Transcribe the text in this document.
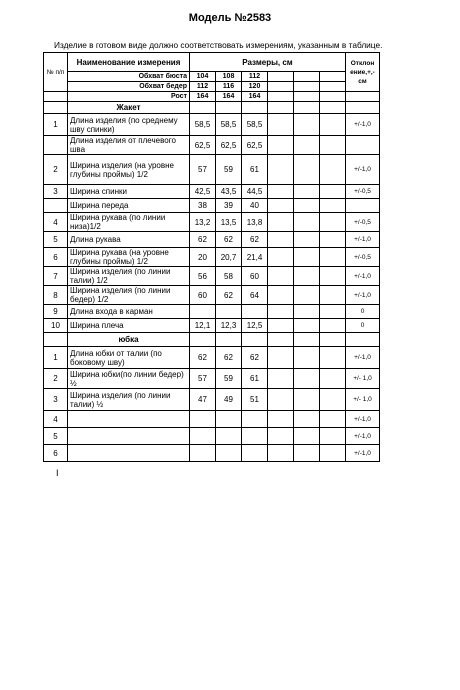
Модель №2583
Изделие в готовом виде должно соответствовать измерениям, указанным в таблице.
№ п/п	Наименование измерения	Размеры, см						Отклон ение,+,- см

	Обхват бюста	104	108	112				
	Обхват бедер	112	116	120				
	Рост	164	164	164				
	Жакет							
1	Длина изделия (по среднему шву спинки)	58,5	58,5	58,5				+/-1,0
	Длина изделия от плечевого шва	62,5	62,5	62,5				
2	Ширина изделия (на уровне глубины проймы) 1/2	57	59	61				+/-1,0
3	Ширина спинки	42,5	43,5	44,5				+/-0,5
	Ширина переда	38	39	40				
4	Ширина рукава (по линии низа)1/2	13,2	13,5	13,8				+/-0,5
5	Длина рукава	62	62	62				+/-1,0
6	Ширина рукава (на уровне глубины проймы) 1/2	20	20,7	21,4				+/-0,5
7	Ширина изделия (по линии талии) 1/2	56	58	60				+/-1,0
8	Ширина изделия (по линии бедер) 1/2	60	62	64				+/-1,0
9	Длина входа в карман							0
10	Ширина плеча	12,1	12,3	12,5				0
	юбка							
1	Длина юбки от талии (по боковому шву)	62	62	62				+/-1,0
2	Ширина юбки(по линии бедер) ½	57	59	61				+/- 1,0
3	Ширина изделия (по линии талии) ½	47	49	51				+/- 1,0
4								+/-1,0
5								+/-1,0
6								+/-1,0
I
